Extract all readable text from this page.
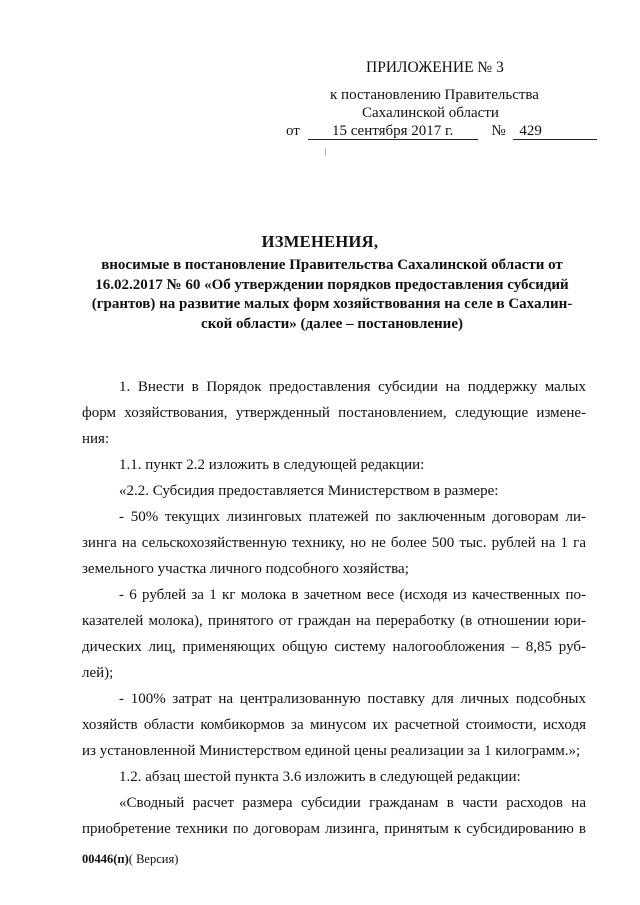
ПРИЛОЖЕНИЕ № 3
к постановлению Правительства
Сахалинской области
от 15 сентября 2017 г.	№ 429
ИЗМЕНЕНИЯ,
вносимые в постановление Правительства Сахалинской области от
16.02.2017 № 60 «Об утверждении порядков предоставления субсидий
(грантов) на развитие малых форм хозяйствования на селе в Сахалин-
ской области» (далее – постановление)
1. Внести в Порядок предоставления субсидии на поддержку малых
форм хозяйствования, утвержденный постановлением, следующие измене-
ния:
1.1. пункт 2.2 изложить в следующей редакции:
«2.2. Субсидия предоставляется Министерством в размере:
- 50% текущих лизинговых платежей по заключенным договорам ли-
зинга на сельскохозяйственную технику, но не более 500 тыс. рублей на 1 га
земельного участка личного подсобного хозяйства;
- 6 рублей за 1 кг молока в зачетном весе (исходя из качественных по-
казателей молока), принятого от граждан на переработку (в отношении юри-
дических лиц, применяющих общую систему налогообложения – 8,85 руб-
лей);
- 100% затрат на централизованную поставку для личных подсобных
хозяйств области комбикормов за минусом их расчетной стоимости, исходя
из установленной Министерством единой цены реализации за 1 килограмм.»;
1.2. абзац шестой пункта 3.6 изложить в следующей редакции:
«Сводный расчет размера субсидии гражданам в части расходов на
приобретение техники по договорам лизинга, принятым к субсидированию в
00446(п)( Версия)
